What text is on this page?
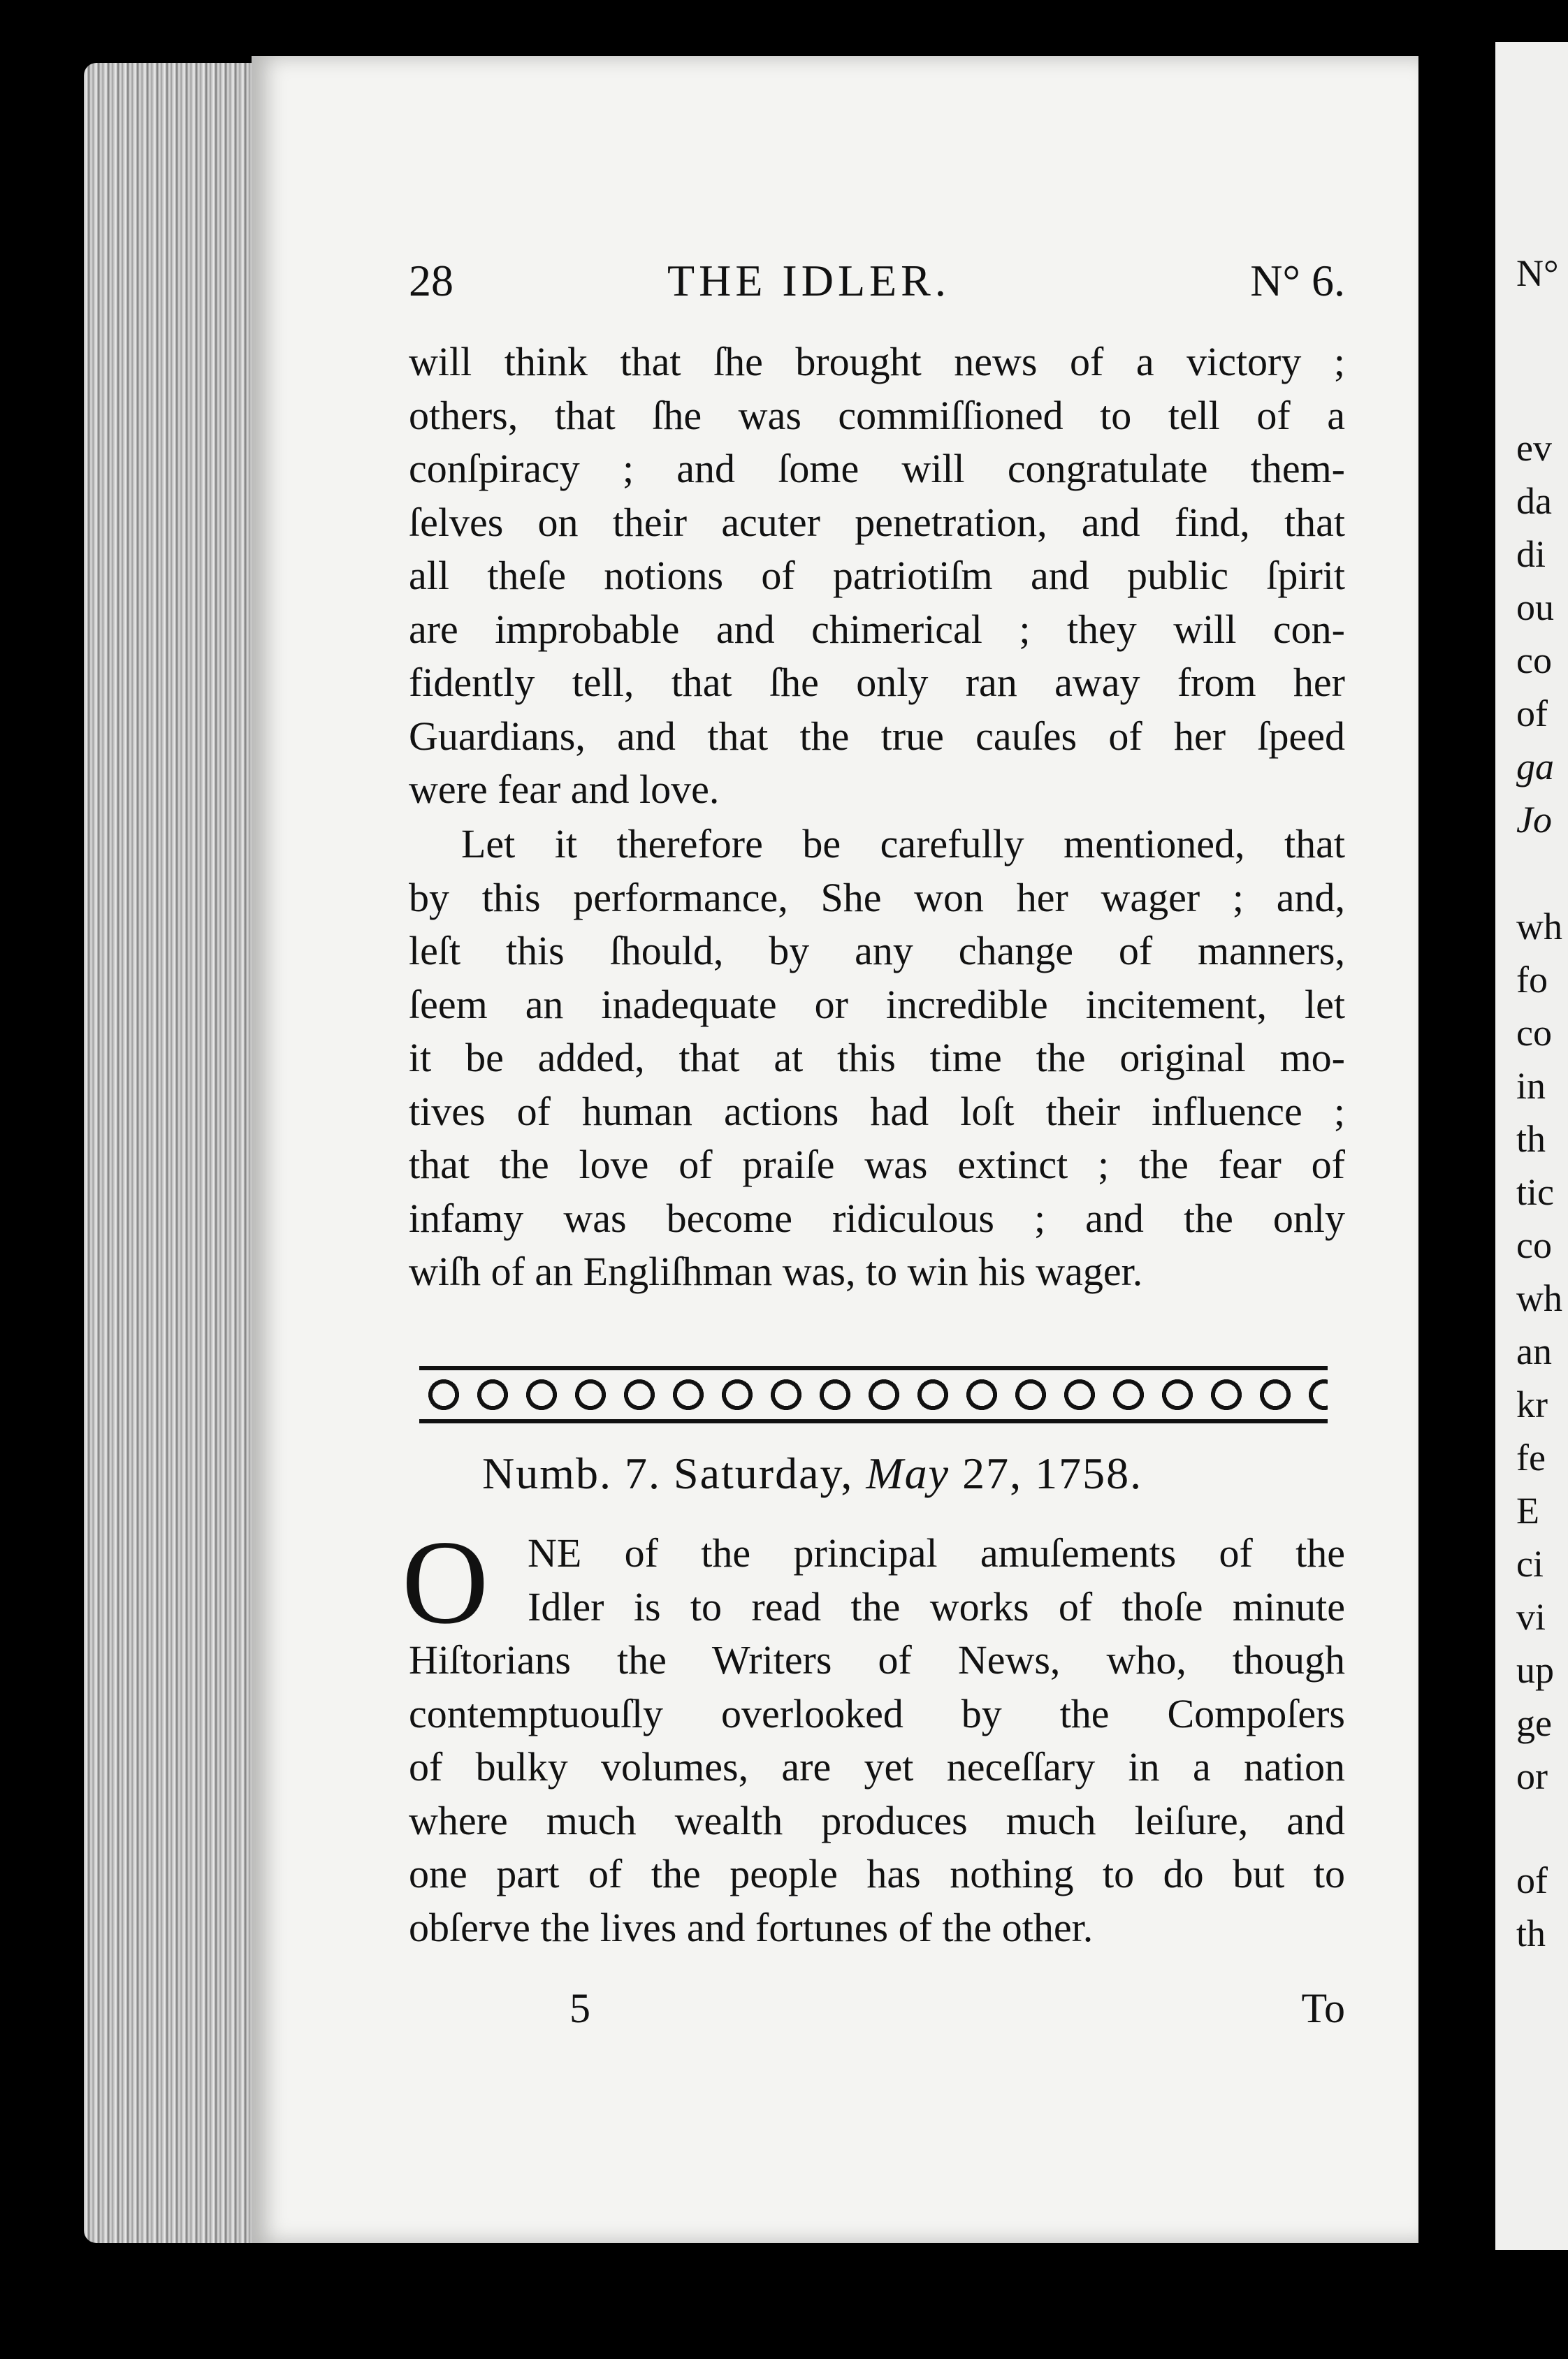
N°
ev
da
di
ou
co
of
ga
Jo
wh
fo
co
in
th
tic
co
wh
an
kr
fe
E
ci
vi
up
ge
or
of
th
28	THE IDLER.	N° 6.
will think that ſhe brought news of a victory ;
others, that ſhe was commiſſioned to tell of a
conſpiracy ; and ſome will congratulate them-
ſelves on their acuter penetration, and find, that
all theſe notions of patriotiſm and public ſpirit
are improbable and chimerical ; they will con-
fidently tell, that ſhe only ran away from her
Guardians, and that the true cauſes of her ſpeed
were fear and love.
Let it therefore be carefully mentioned, that
by this performance, She won her wager ; and,
leſt this ſhould, by any change of manners,
ſeem an inadequate or incredible incitement, let
it be added, that at this time the original mo-
tives of human actions had loſt their influence ;
that the love of praiſe was extinct ; the fear of
infamy was become ridiculous ; and the only
wiſh of an Engliſhman was, to win his wager.
Numb. 7. Saturday, May 27, 1758.
O NE of the principal amuſements of the
Idler is to read the works of thoſe minute
Hiſtorians the Writers of News, who, though
contemptuouſly overlooked by the Compoſers
of bulky volumes, are yet neceſſary in a nation
where much wealth produces much leiſure, and
one part of the people has nothing to do but to
obſerve the lives and fortunes of the other.
5	To
